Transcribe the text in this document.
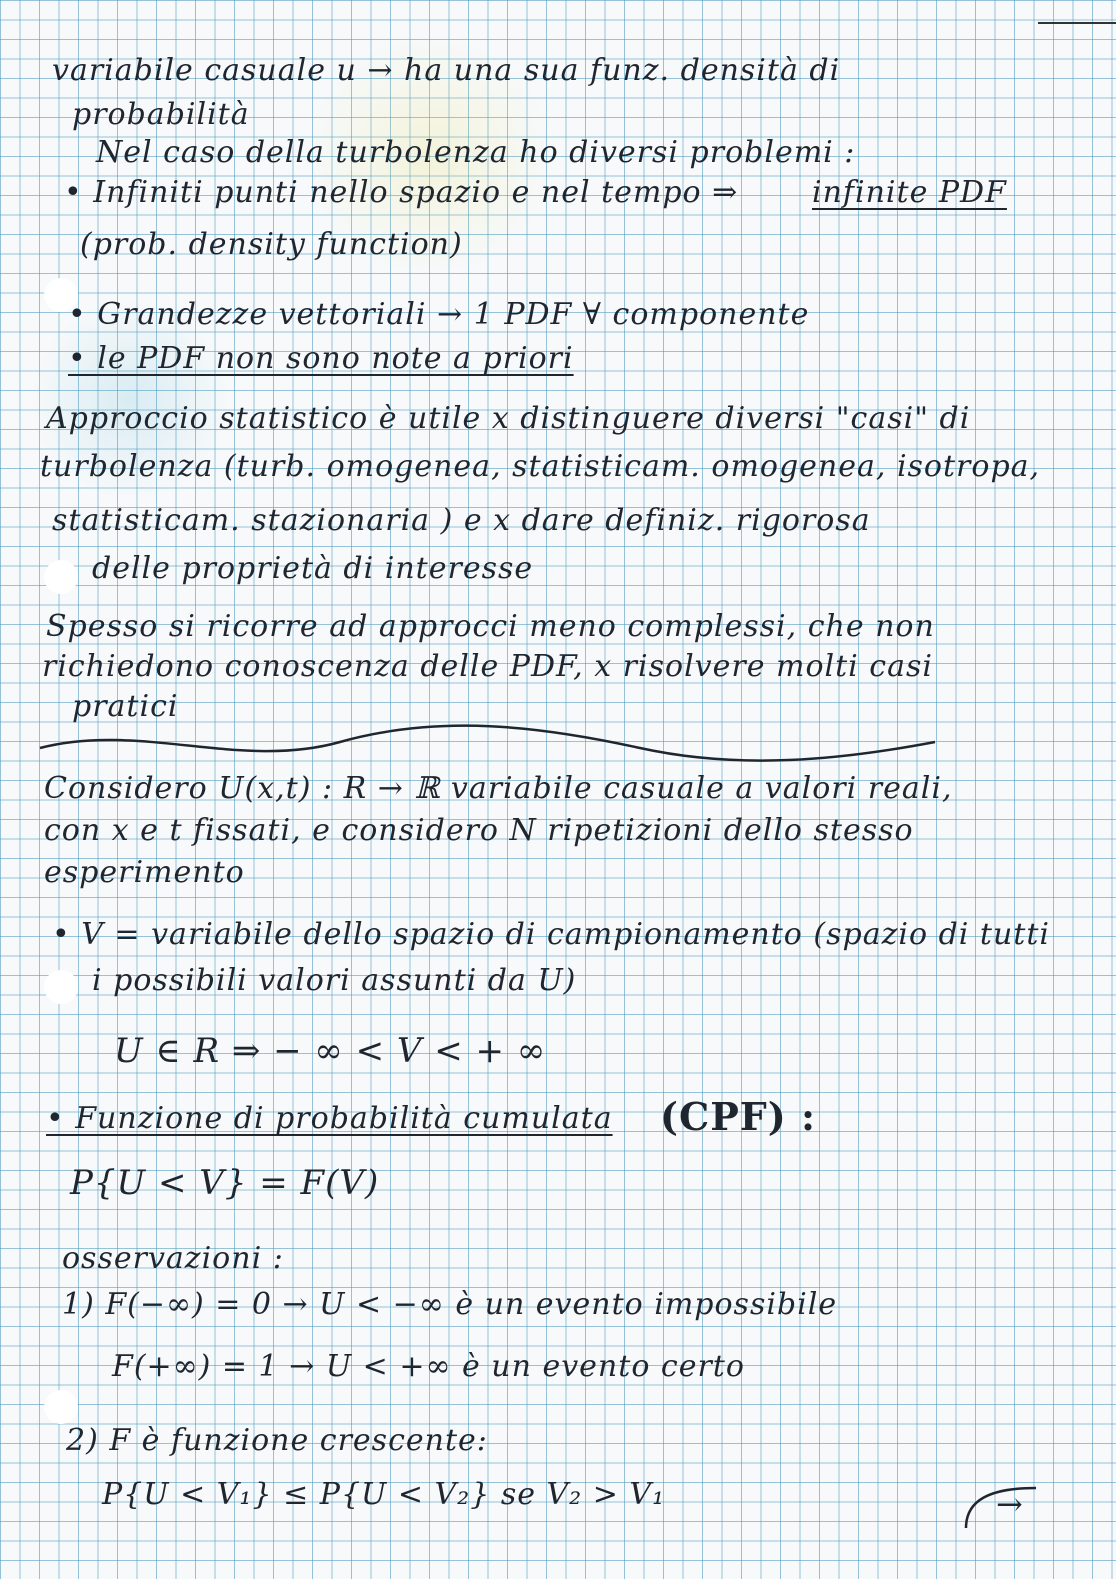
variabile casuale u → ha una sua funz. densità di
probabilità
Nel caso della turbolenza ho diversi problemi :
• Infiniti punti nello spazio e nel tempo ⇒ infinite PDF
(prob. density function)
• Grandezze vettoriali → 1 PDF ∀ componente
• le PDF non sono note a priori
Approccio statistico è utile x distinguere diversi "casi" di
turbolenza (turb. omogenea, statisticam. omogenea, isotropa,
statisticam. stazionaria ) e x dare definiz. rigorosa
delle proprietà di interesse
Spesso si ricorre ad approcci meno complessi, che non
richiedono conoscenza delle PDF, x risolvere molti casi
pratici
Considero U(x,t) : R → ℝ variabile casuale a valori reali,
con x e t fissati, e considero N ripetizioni dello stesso
esperimento
• V = variabile dello spazio di campionamento (spazio di tutti
i possibili valori assunti da U)
U ∈ R ⇒ − ∞ < V < + ∞
• Funzione di probabilità cumulata (CPF) :
P{U < V} = F(V)
osservazioni :
1) F(−∞) = 0 → U < −∞ è un evento impossibile
F(+∞) = 1 → U < +∞ è un evento certo
2) F è funzione crescente:
P{U < V₁} ≤ P{U < V₂} se V₂ > V₁	→
